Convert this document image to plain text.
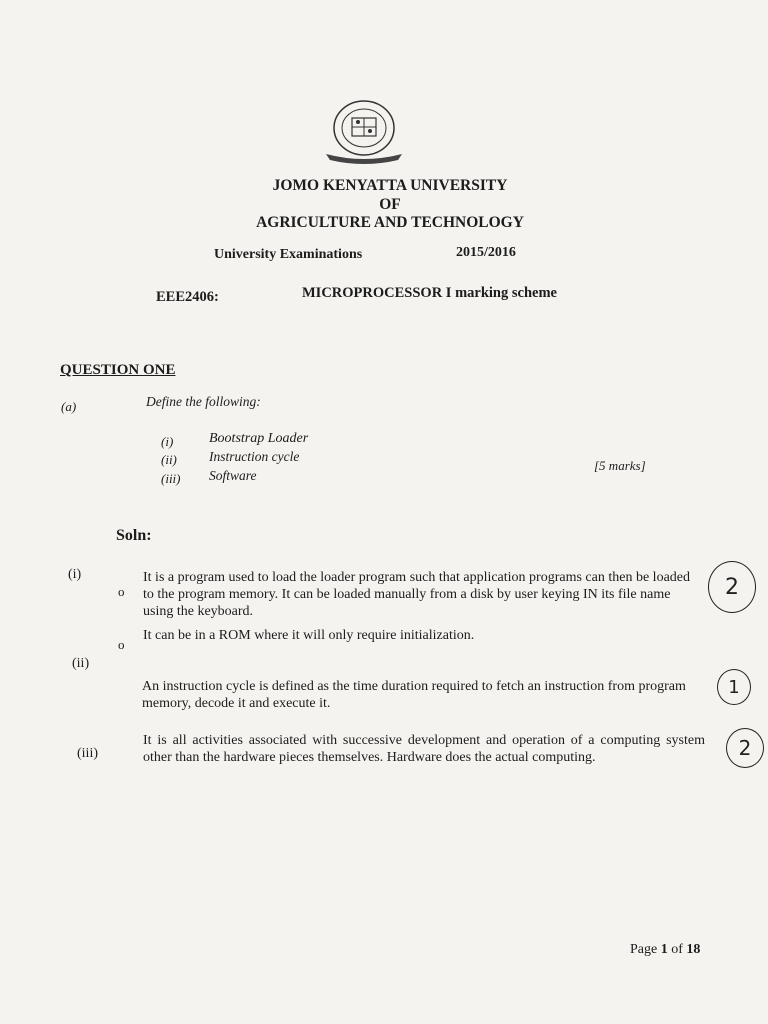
JOMO KENYATTA UNIVERSITY
OF
AGRICULTURE AND TECHNOLOGY
University Examinations	2015/2016
EEE2406:	MICROPROCESSOR I marking scheme
QUESTION ONE
(a)	Define the following:
(i)	Bootstrap Loader
(ii) Instruction cycle
(iii) Software
[5 marks]
Soln:
(i)
o
It is a program used to load the loader program such that application programs can then be loaded to the program memory. It can be loaded manually from a disk by user keying IN its file name using the keyboard.
o
It can be in a ROM where it will only require initialization.
2
(ii)
An instruction cycle is defined as the time duration required to fetch an instruction from program memory, decode it and execute it.
1
(iii)
It is all activities associated with successive development and operation of a computing system other than the hardware pieces themselves. Hardware does the actual computing.	2
Page 1 of 18
